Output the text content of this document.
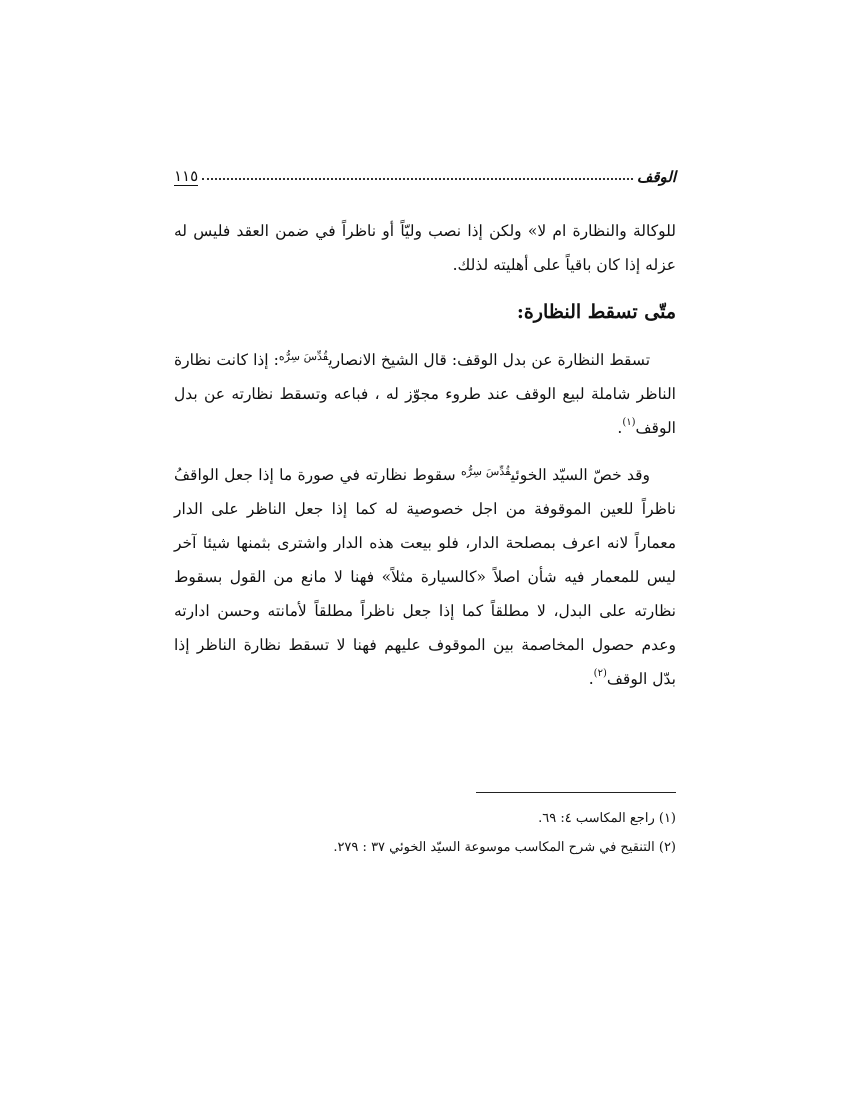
الوقف
١١٥

للوكالة والنظارة ام لا» ولكن إذا نصب وليّاً أو ناظراً في ضمن العقد فليس له عزله إذا كان باقياً على أهليته لذلك.

متّى تسقط النظارة:

تسقط النظارة عن بدل الوقف: قال الشيخ الانصاري$^{قُدِّسَ سِرُّه}$: إذا كانت نظارة الناظر شاملة لبيع الوقف عند طروء مجوّز له ، فباعه وتسقط نظارته عن بدل الوقف$^{(١)}$.

وقد خصّ السيّد الخوئي$^{قُدِّسَ سِرُّه}$ سقوط نظارته في صورة ما إذا جعل الواقفُ ناظراً للعين الموقوفة من اجل خصوصية له كما إذا جعل الناظر على الدار معماراً لانه اعرف بمصلحة الدار، فلو بيعت هذه الدار واشترى بثمنها شيئا آخر ليس للمعمار فيه شأن اصلاً «كالسيارة مثلاً» فهنا لا مانع من القول بسقوط نظارته على البدل، لا مطلقاً كما إذا جعل ناظراً مطلقاً لأمانته وحسن ادارته وعدم حصول المخاصمة بين الموقوف عليهم فهنا لا تسقط نظارة الناظر إذا بدّل الوقف$^{(٢)}$.

(١) راجع المكاسب ٤: ٦٩.

(٢) التنقيح في شرح المكاسب موسوعة السيّد الخوئي ٣٧ : ٢٧٩.
